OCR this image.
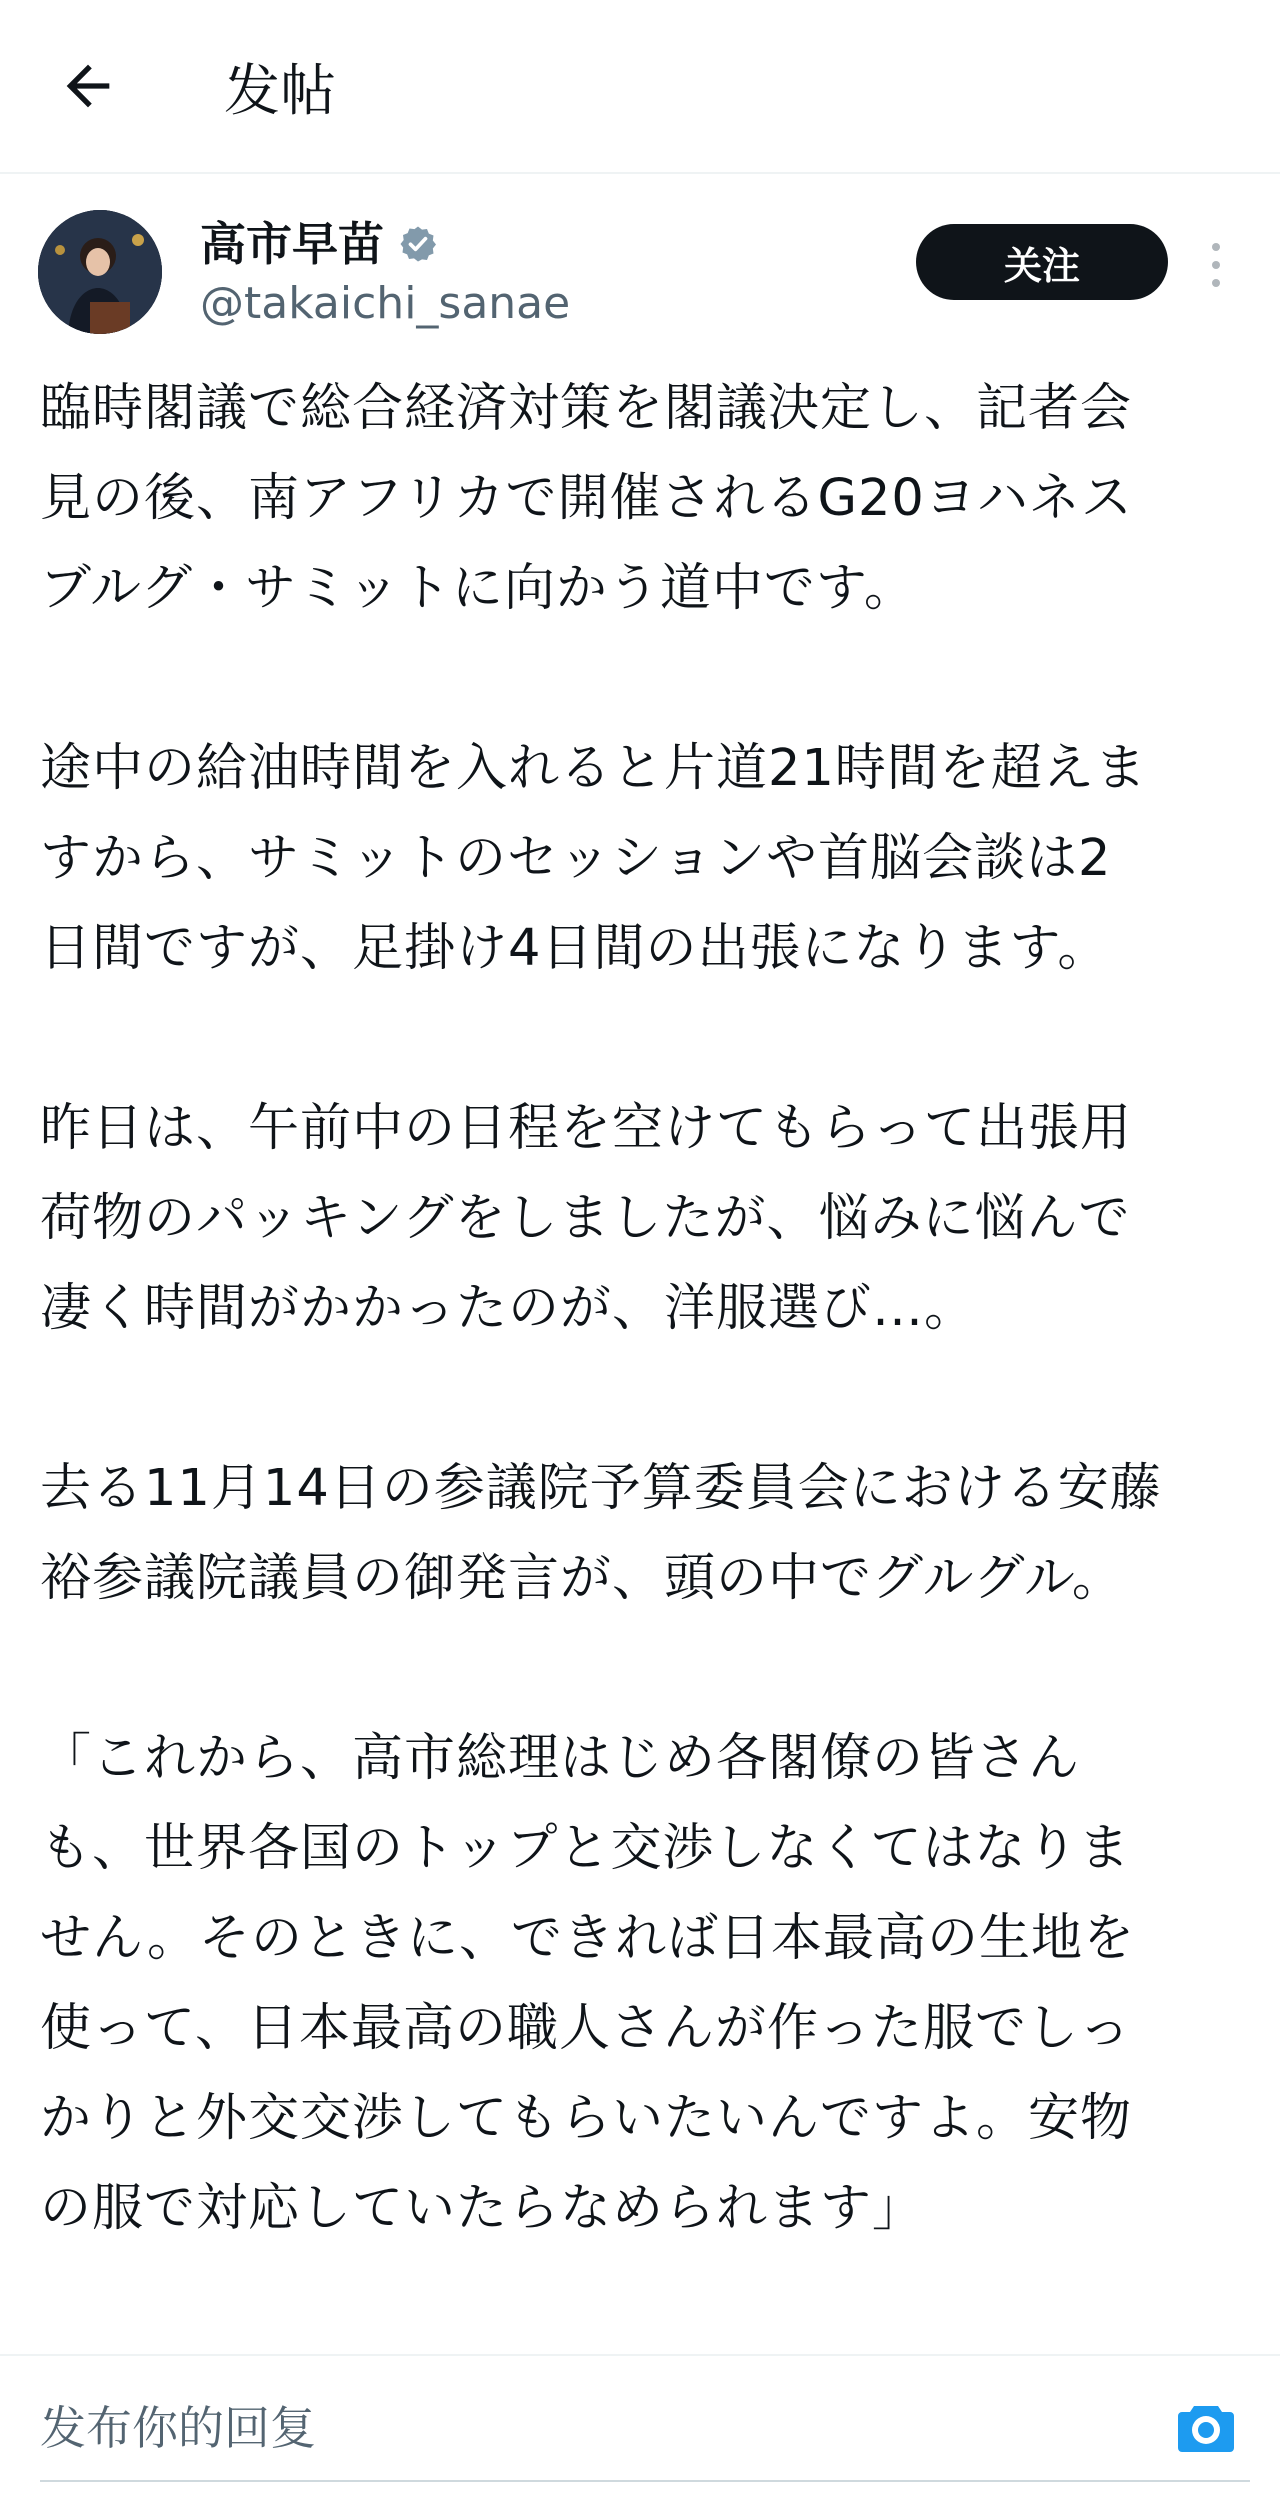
发帖
高市早苗
@takaichi_sanae
关注

臨時閣議で総合経済対策を閣議決定し、記者会
見の後、南アフリカで開催されるG20ヨハネス
ブルグ・サミットに向かう道中です。

途中の給油時間を入れると片道21時間を超えま
すから、サミットのセッションや首脳会談は2
日間ですが、足掛け4日間の出張になります。

昨日は、午前中の日程を空けてもらって出張用
荷物のパッキングをしましたが、悩みに悩んで
凄く時間がかかったのが、洋服選び…。

去る11月14日の参議院予算委員会における安藤
裕参議院議員の御発言が、頭の中でグルグル。

「これから、高市総理はじめ各閣僚の皆さん
も、世界各国のトップと交渉しなくてはなりま
せん。そのときに、できれば日本最高の生地を
使って、日本最高の職人さんが作った服でしっ
かりと外交交渉してもらいたいんですよ。安物
の服で対応していたらなめられます」

发布你的回复
